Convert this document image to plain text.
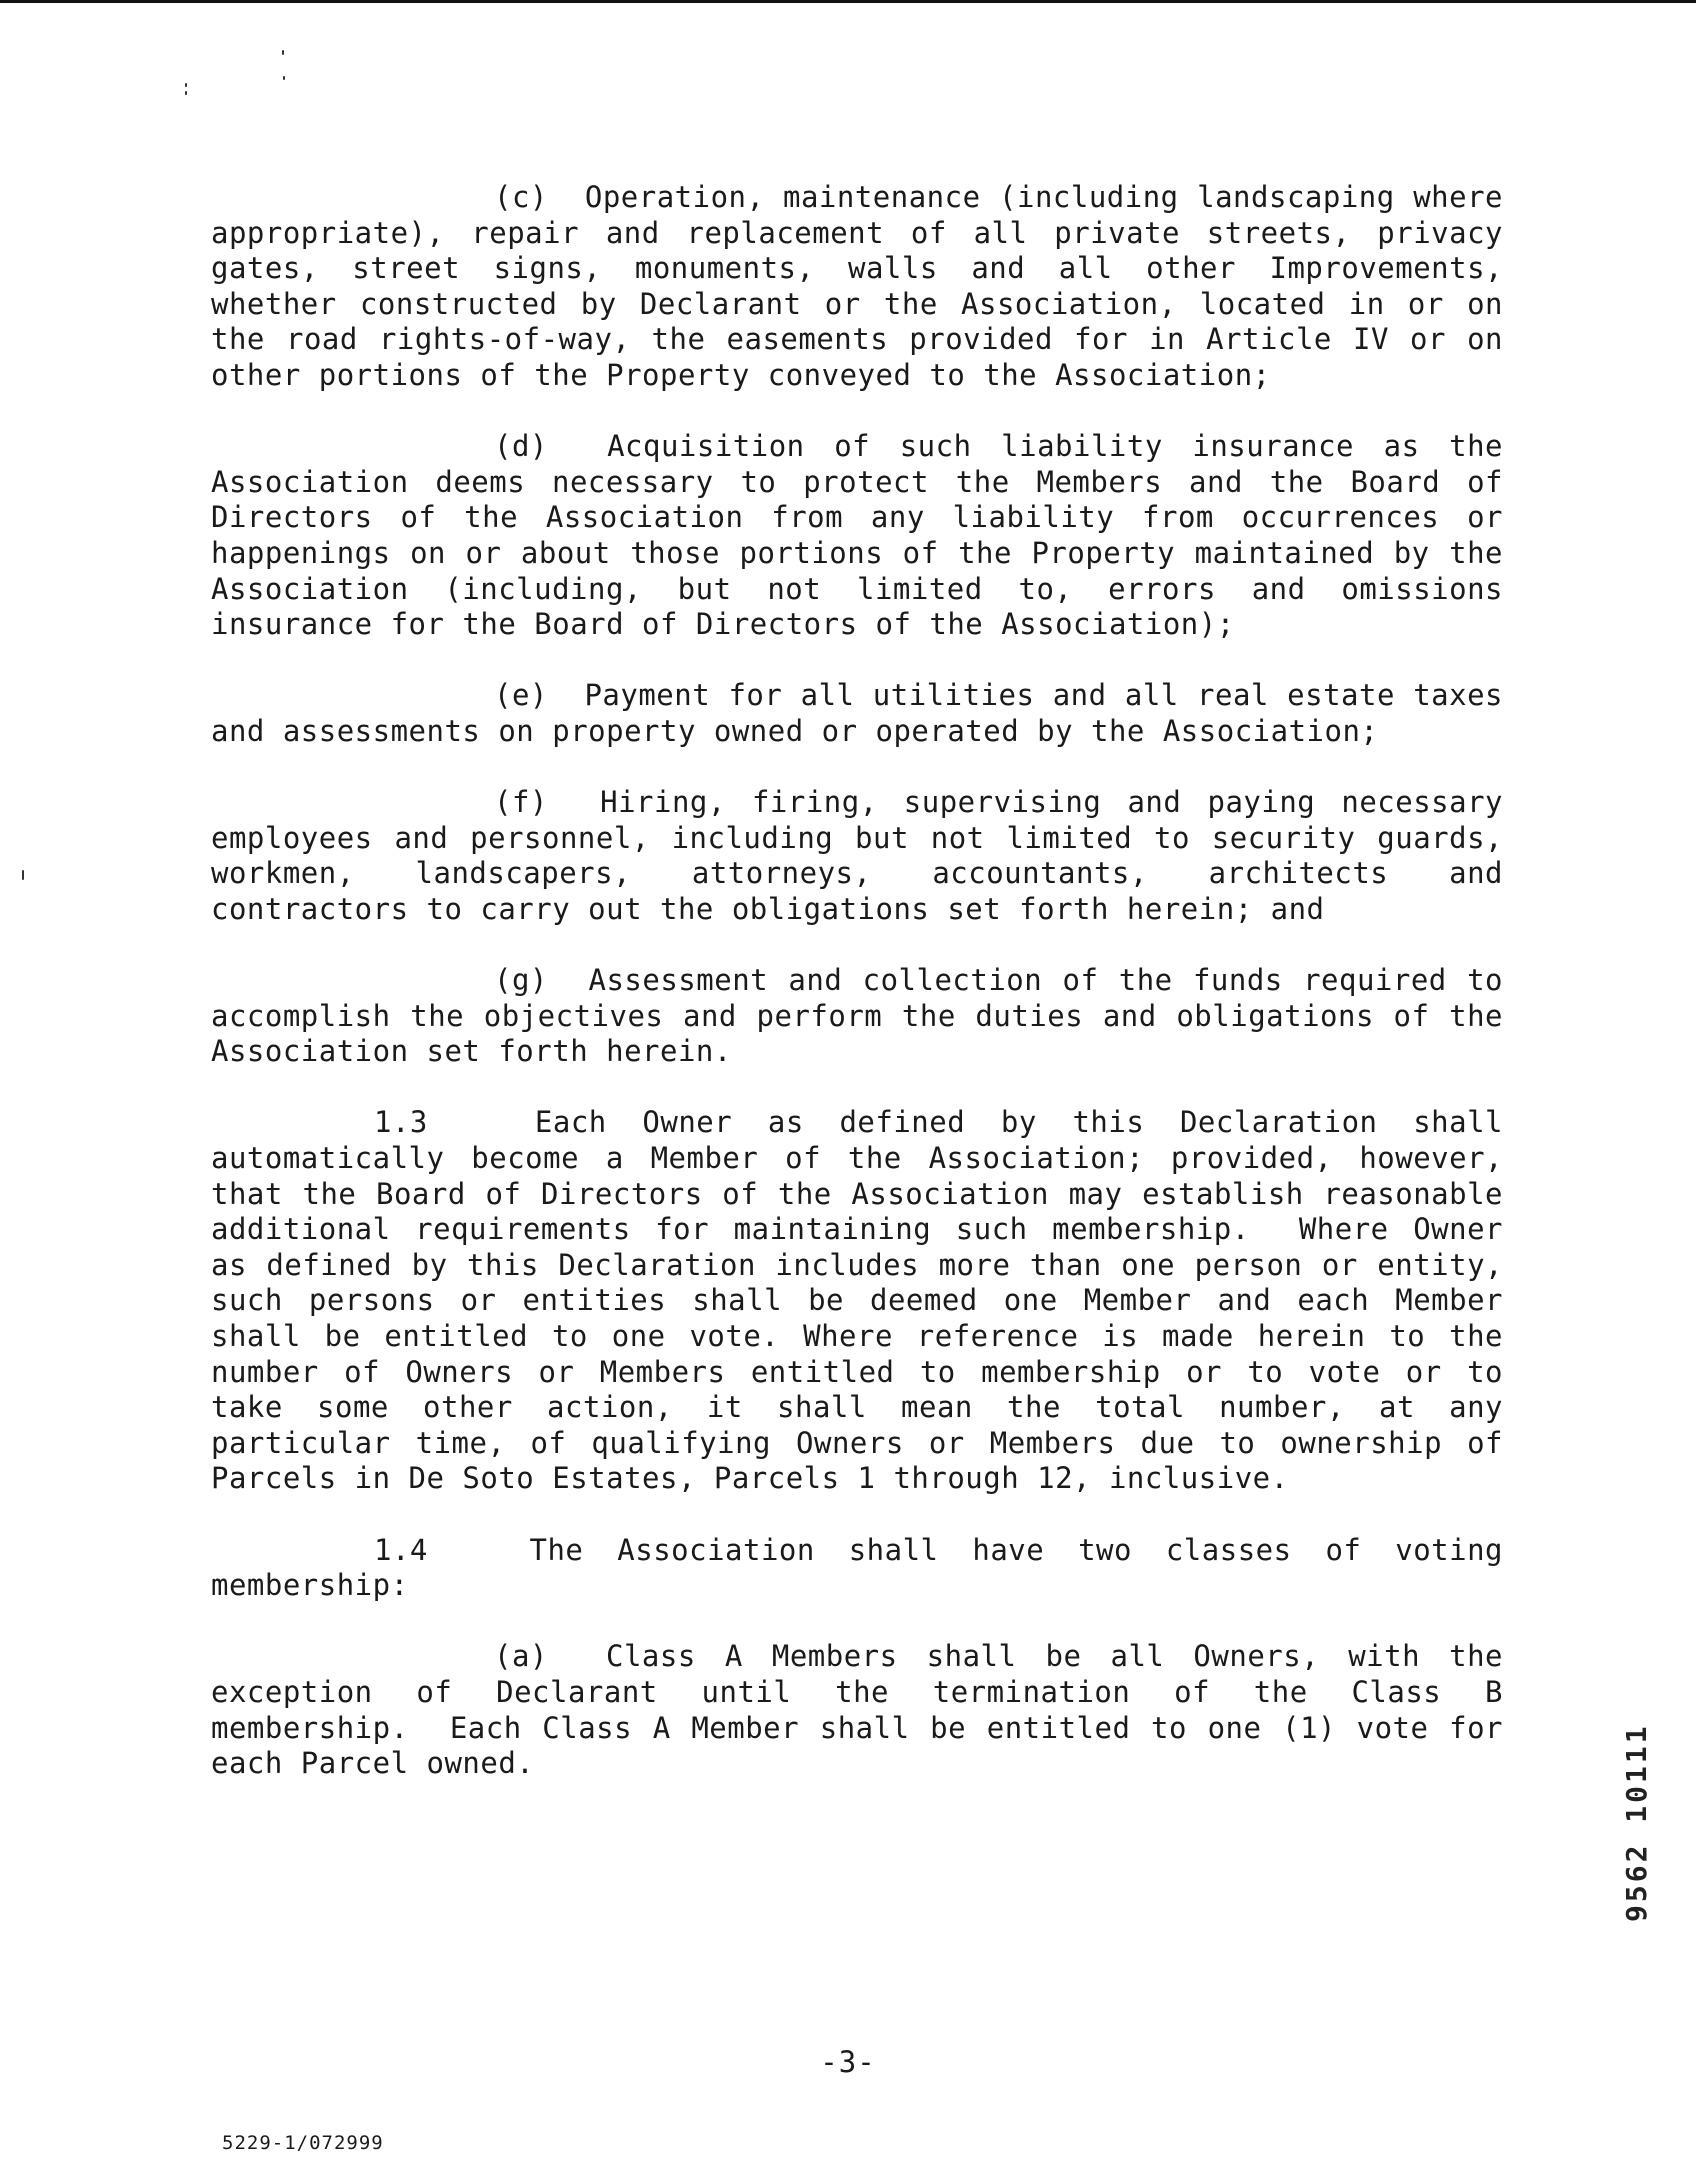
(c)  Operation, maintenance (including landscaping where appropriate), repair and replacement of all private streets, privacy gates, street signs, monuments, walls and all other Improvements, whether constructed by Declarant or the Association, located in or on the road rights-of-way, the easements provided for in Article IV or on other portions of the Property conveyed to the Association;

(d)  Acquisition of such liability insurance as the Association deems necessary to protect the Members and the Board of Directors of the Association from any liability from occurrences or happenings on or about those portions of the Property maintained by the Association (including, but not limited to, errors and omissions insurance for the Board of Directors of the Association);

(e)  Payment for all utilities and all real estate taxes and assessments on property owned or operated by the Association;

(f)  Hiring, firing, supervising and paying necessary employees and personnel, including but not limited to security guards, workmen, landscapers, attorneys, accountants, architects and contractors to carry out the obligations set forth herein; and

(g)  Assessment and collection of the funds required to accomplish the objectives and perform the duties and obligations of the Association set forth herein.

1.3   Each Owner as defined by this Declaration shall automatically become a Member of the Association; provided, however, that the Board of Directors of the Association may establish reasonable additional requirements for maintaining such membership.  Where Owner as defined by this Declaration includes more than one person or entity, such persons or entities shall be deemed one Member and each Member shall be entitled to one vote. Where reference is made herein to the number of Owners or Members entitled to membership or to vote or to take some other action, it shall mean the total number, at any particular time, of qualifying Owners or Members due to ownership of Parcels in De Soto Estates, Parcels 1 through 12, inclusive.

1.4   The Association shall have two classes of voting membership:

(a)  Class A Members shall be all Owners, with the exception of Declarant until the termination of the Class B membership.  Each Class A Member shall be entitled to one (1) vote for each Parcel owned.

-3-
5229-1/072999
9562 10111
